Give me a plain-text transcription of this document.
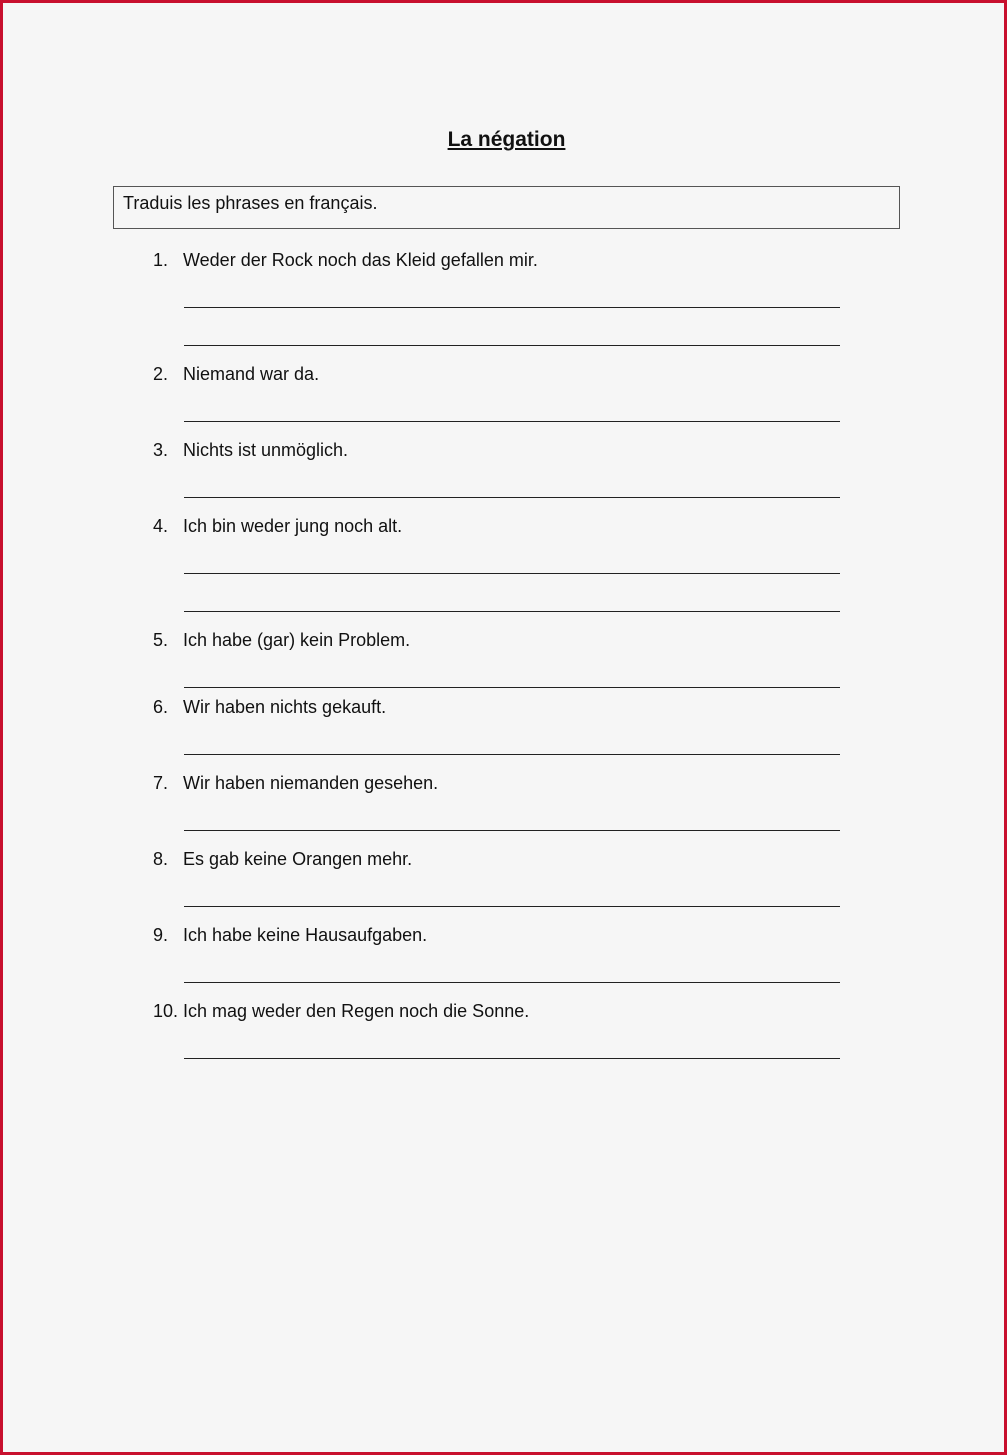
La négation
Traduis les phrases en français.
1. Weder der Rock noch das Kleid gefallen mir.
2. Niemand war da.
3. Nichts ist unmöglich.
4. Ich bin weder jung noch alt.
5. Ich habe (gar) kein Problem.
6. Wir haben nichts gekauft.
7. Wir haben niemanden gesehen.
8. Es gab keine Orangen mehr.
9. Ich habe keine Hausaufgaben.
10. Ich mag weder den Regen noch die Sonne.
